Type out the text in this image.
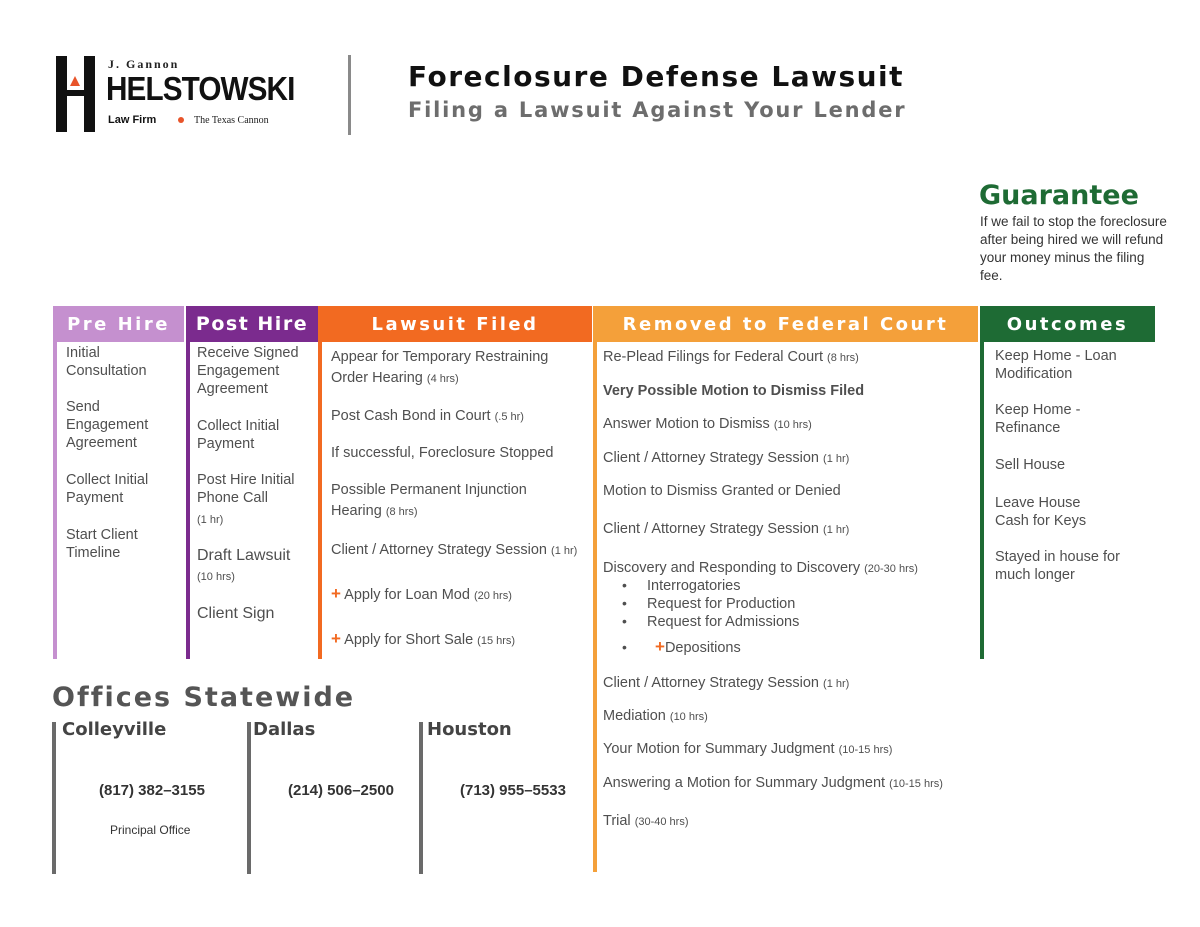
J. Gannon
HELSTOWSKI
Law Firm	The Texas Cannon
Foreclosure Defense Lawsuit
Filing a Lawsuit Against Your Lender
Guarantee
If we fail to stop the foreclosure after being hired we will refund your money minus the filing fee.
Pre Hire
Initial Consultation
Send Engagement Agreement
Collect Initial Payment
Start Client Timeline
Post Hire
Receive Signed Engagement Agreement
Collect Initial Payment
Post Hire Initial Phone Call
(1 hr)
Draft Lawsuit
(10 hrs)
Client Sign
Lawsuit Filed
Appear for Temporary Restraining Order Hearing (4 hrs)
Post Cash Bond in Court (.5 hr)
If successful, Foreclosure Stopped
Possible Permanent Injunction Hearing (8 hrs)
Client / Attorney Strategy Session (1 hr)
+ Apply for Loan Mod (20 hrs)
+ Apply for Short Sale (15 hrs)
Removed to Federal Court
Re-Plead Filings for Federal Court (8 hrs)
Very Possible Motion to Dismiss Filed
Answer Motion to Dismiss (10 hrs)
Client / Attorney Strategy Session (1 hr)
Motion to Dismiss Granted or Denied
Client / Attorney Strategy Session (1 hr)
Discovery and Responding to Discovery (20-30 hrs)
• Interrogatories
• Request for Production
• Request for Admissions
• +Depositions
Client / Attorney Strategy Session (1 hr)
Mediation (10 hrs)
Your Motion for Summary Judgment (10-15 hrs)
Answering a Motion for Summary Judgment (10-15 hrs)
Trial (30-40 hrs)
Outcomes
Keep Home - Loan Modification
Keep Home - Refinance
Sell House
Leave House Cash for Keys
Stayed in house for much longer
Offices Statewide
Colleyville
(817) 382–3155
Principal Office
Dallas
(214) 506–2500
Houston
(713) 955–5533
